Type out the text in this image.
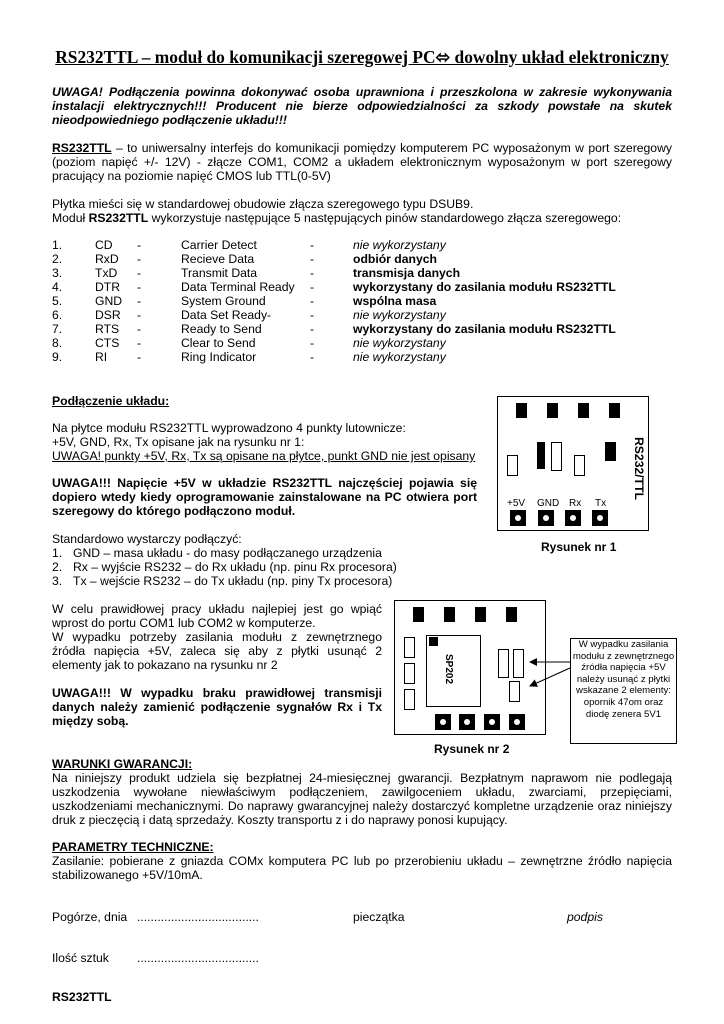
RS232TTL – moduł do komunikacji szeregowej PC⬄ dowolny układ elektroniczny
UWAGA! Podłączenia powinna dokonywać osoba uprawniona i przeszkolona w zakresie wykonywania instalacji elektrycznych!!! Producent nie bierze odpowiedzialności za szkody powstałe na skutek nieodpowiedniego podłączenie układu!!!
RS232TTL – to uniwersalny interfejs do komunikacji pomiędzy komputerem PC wyposażonym w port szeregowy (poziom napięć +/- 12V) - złącze COM1, COM2 a układem elektronicznym wyposażonym w port szeregowy pracujący na poziomie napięć CMOS lub TTL(0-5V)
Płytka mieści się w standardowej obudowie złącza szeregowego typu DSUB9.
Moduł RS232TTL wykorzystuje następujące 5 następujących pinów standardowego złącza szeregowego:
1.	CD -	Carrier Detect	-	nie wykorzystany
2.	RxD -	Recieve Data	-	odbiór danych
3.	TxD -	Transmit Data	-	transmisja danych
4.	DTR -	Data Terminal Ready -	wykorzystany do zasilania modułu RS232TTL
5.	GND -	System Ground	-	wspólna masa
6.	DSR -	Data Set Ready-	-	nie wykorzystany
7.	RTS -	Ready to Send	-	wykorzystany do zasilania modułu RS232TTL
8.	CTS -	Clear to Send	-	nie wykorzystany
9.	RI -	Ring Indicator	-	nie wykorzystany
Podłączenie układu:
Na płytce modułu RS232TTL wyprowadzono 4 punkty lutownicze:
+5V, GND, Rx, Tx opisane jak na rysunku nr 1:
UWAGA! punkty +5V, Rx, Tx są opisane na płytce, punkt GND nie jest opisany
UWAGA!!! Napięcie +5V w układzie RS232TTL najczęściej pojawia się dopiero wtedy kiedy oprogramowanie zainstalowane na PC otwiera port szeregowy do którego podłączono moduł.
Standardowo wystarczy podłączyć:
1. GND – masa układu - do masy podłączanego urządzenia
2. Rx – wyjście RS232 – do Rx układu (np. pinu Rx procesora)
3. Tx – wejście RS232 – do Tx układu (np. piny Tx procesora)
W celu prawidłowej pracy układu najlepiej jest go wpiąć wprost do portu COM1 lub COM2 w komputerze.
W wypadku potrzeby zasilania modułu z zewnętrznego źródła napięcia +5V, zaleca się aby z płytki usunąć 2 elementy jak to pokazano na rysunku nr 2
UWAGA!!! W wypadku braku prawidłowej transmisji danych należy zamienić podłączenie sygnałów Rx i Tx między sobą.
RS232/TTL
+5V GND Rx Tx
Rysunek nr 1
SP202
W wypadku zasilania modułu z zewnętrznego źródła napięcia +5V należy usunąć z płytki wskazane 2 elementy: opornik 47om oraz diodę zenera 5V1
Rysunek nr 2
WARUNKI GWARANCJI:
Na niniejszy produkt udziela się bezpłatnej 24-miesięcznej gwarancji. Bezpłatnym naprawom nie podlegają uszkodzenia wywołane niewłaściwym podłączeniem, zawilgoceniem układu, zwarciami, przepięciami, uszkodzeniami mechanicznymi. Do naprawy gwarancyjnej należy dostarczyć kompletne urządzenie oraz niniejszy druk z pieczęcią i datą sprzedaży. Koszty transportu z i do naprawy ponosi kupujący.
PARAMETRY TECHNICZNE:
Zasilanie: pobierane z gniazda COMx komputera PC lub po przerobieniu układu – zewnętrzne źródło napięcia stabilizowanego +5V/10mA.
Pogórze, dnia ....................................	pieczątka	podpis
Ilość sztuk ....................................
RS232TTL
